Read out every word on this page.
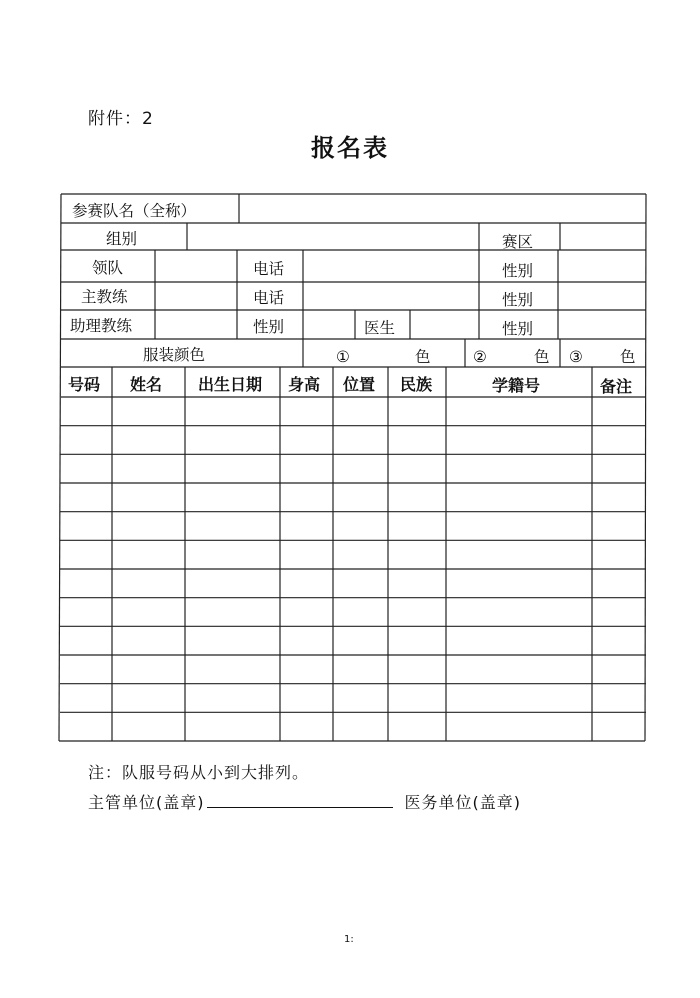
附件：2
报名表
参赛队名（全称）
组别	赛区
领队	电话	性别
主教练	电话	性别
助理教练	性别	医生	性别
服装颜色	①	色	②	色 ③ 色
号码 姓名 出生日期 身高 位置 民族	学籍号	备注
注：队服号码从小到大排列。
主管单位(盖章)	医务单位(盖章)
1:
